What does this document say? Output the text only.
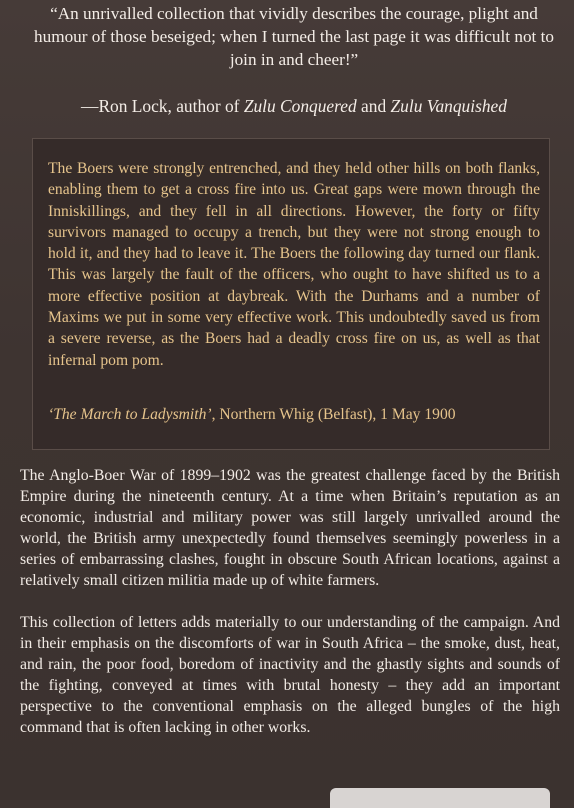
“An unrivalled collection that vividly describes the courage, plight and humour of those beseiged; when I turned the last page it was difficult not to join in and cheer!”
—Ron Lock, author of Zulu Conquered and Zulu Vanquished
The Boers were strongly entrenched, and they held other hills on both flanks, enabling them to get a cross fire into us. Great gaps were mown through the Inniskillings, and they fell in all directions. However, the forty or fifty survivors managed to occupy a trench, but they were not strong enough to hold it, and they had to leave it. The Boers the following day turned our flank. This was largely the fault of the officers, who ought to have shifted us to a more effective position at daybreak. With the Durhams and a number of Maxims we put in some very effective work. This undoubtedly saved us from a severe reverse, as the Boers had a deadly cross fire on us, as well as that infernal pom pom.
‘The March to Ladysmith’, Northern Whig (Belfast), 1 May 1900
The Anglo-Boer War of 1899–1902 was the greatest challenge faced by the British Empire during the nineteenth century. At a time when Britain’s reputation as an economic, industrial and military power was still largely unrivalled around the world, the British army unexpectedly found themselves seemingly powerless in a series of embarrassing clashes, fought in obscure South African locations, against a relatively small citizen militia made up of white farmers.
This collection of letters adds materially to our understanding of the campaign. And in their emphasis on the discomforts of war in South Africa – the smoke, dust, heat, and rain, the poor food, boredom of inactivity and the ghastly sights and sounds of the fighting, conveyed at times with brutal honesty – they add an important perspective to the conventional emphasis on the alleged bungles of the high command that is often lacking in other works.
